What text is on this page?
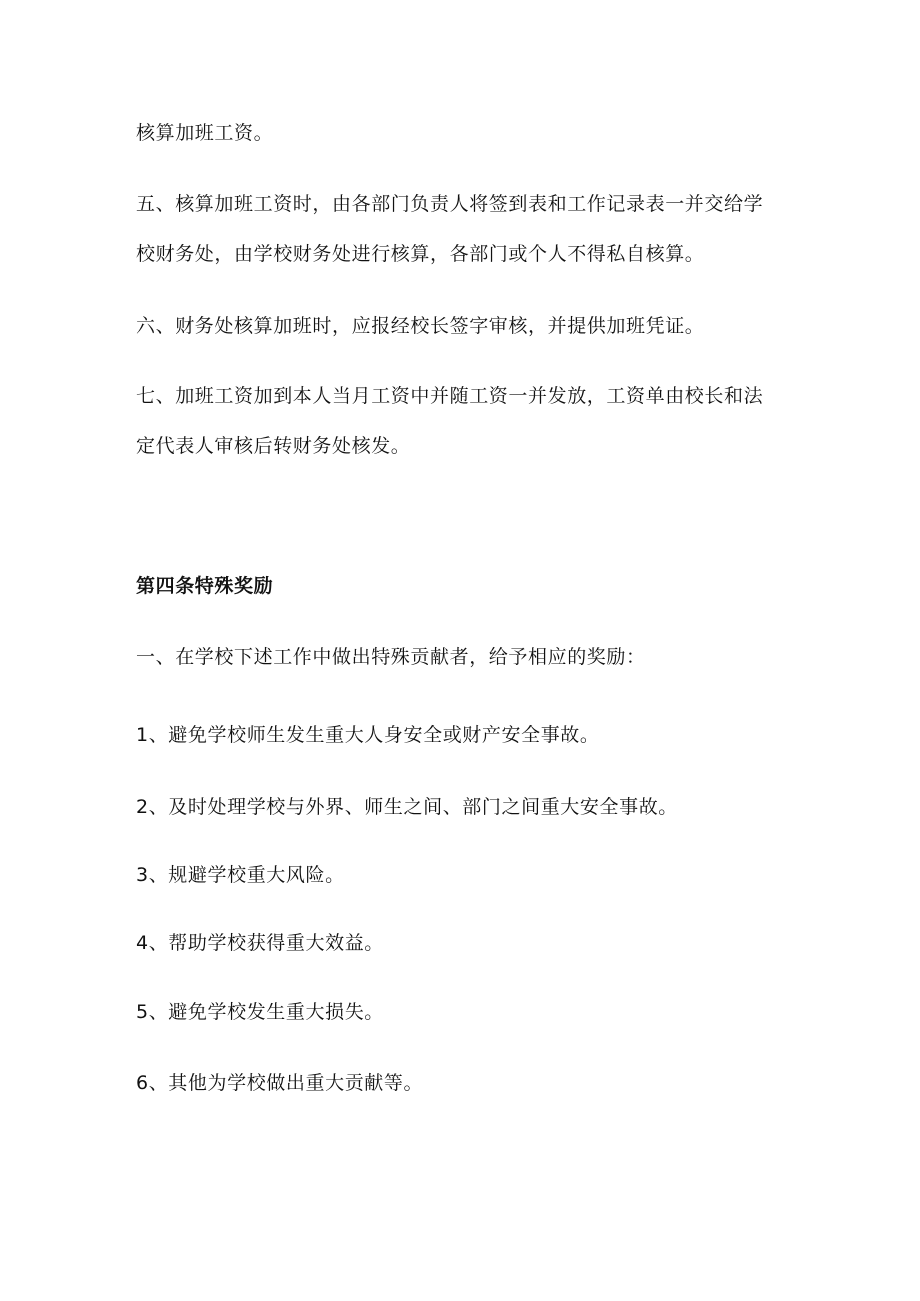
核算加班工资。
五、核算加班工资时，由各部门负责人将签到表和工作记录表一并交给学
校财务处，由学校财务处进行核算，各部门或个人不得私自核算。
六、财务处核算加班时，应报经校长签字审核，并提供加班凭证。
七、加班工资加到本人当月工资中并随工资一并发放，工资单由校长和法
定代表人审核后转财务处核发。
第四条特殊奖励
一、在学校下述工作中做出特殊贡献者，给予相应的奖励：
1、避免学校师生发生重大人身安全或财产安全事故。
2、及时处理学校与外界、师生之间、部门之间重大安全事故。
3、规避学校重大风险。
4、帮助学校获得重大效益。
5、避免学校发生重大损失。
6、其他为学校做出重大贡献等。
